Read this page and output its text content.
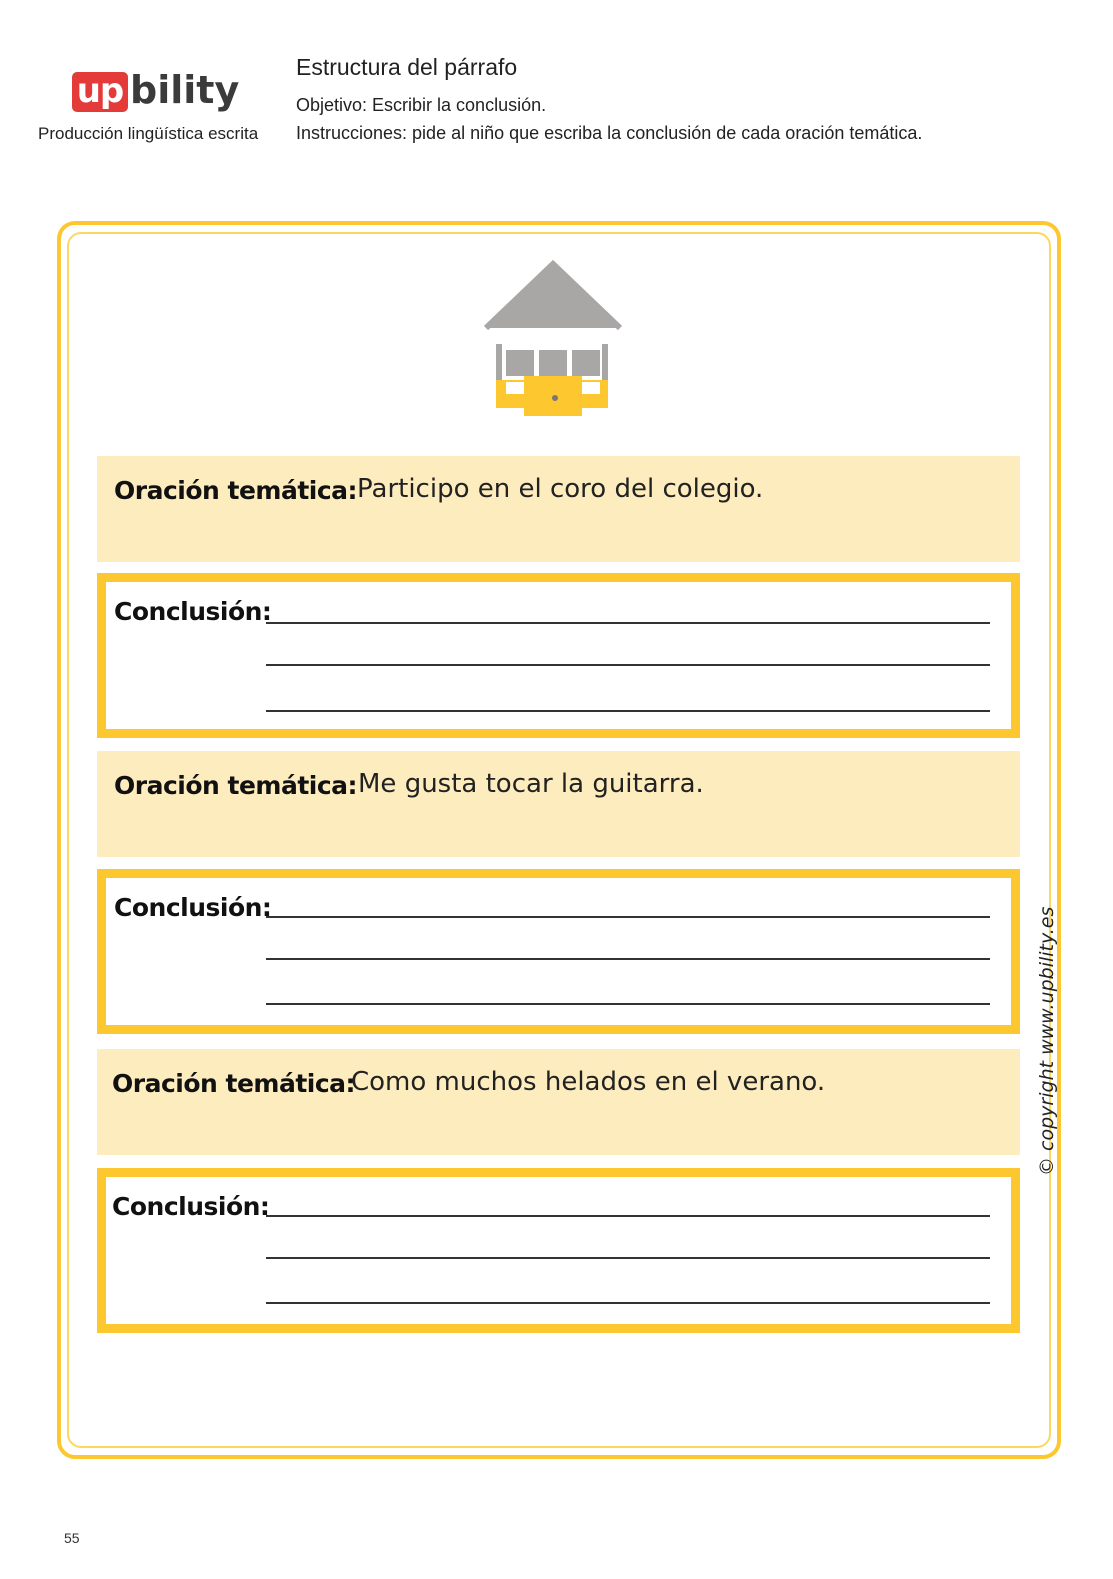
up bility
Producción lingüística escrita
Estructura del párrafo
Objetivo: Escribir la conclusión.
Instrucciones: pide al niño que escriba la conclusión de cada oración temática.
Oración temática: Participo en el coro del colegio.
Conclusión:
Oración temática: Me gusta tocar la guitarra.
Conclusión:
Oración temática:
Como muchos helados en el verano.
Conclusión:
© copyright www.upbility.es
55
